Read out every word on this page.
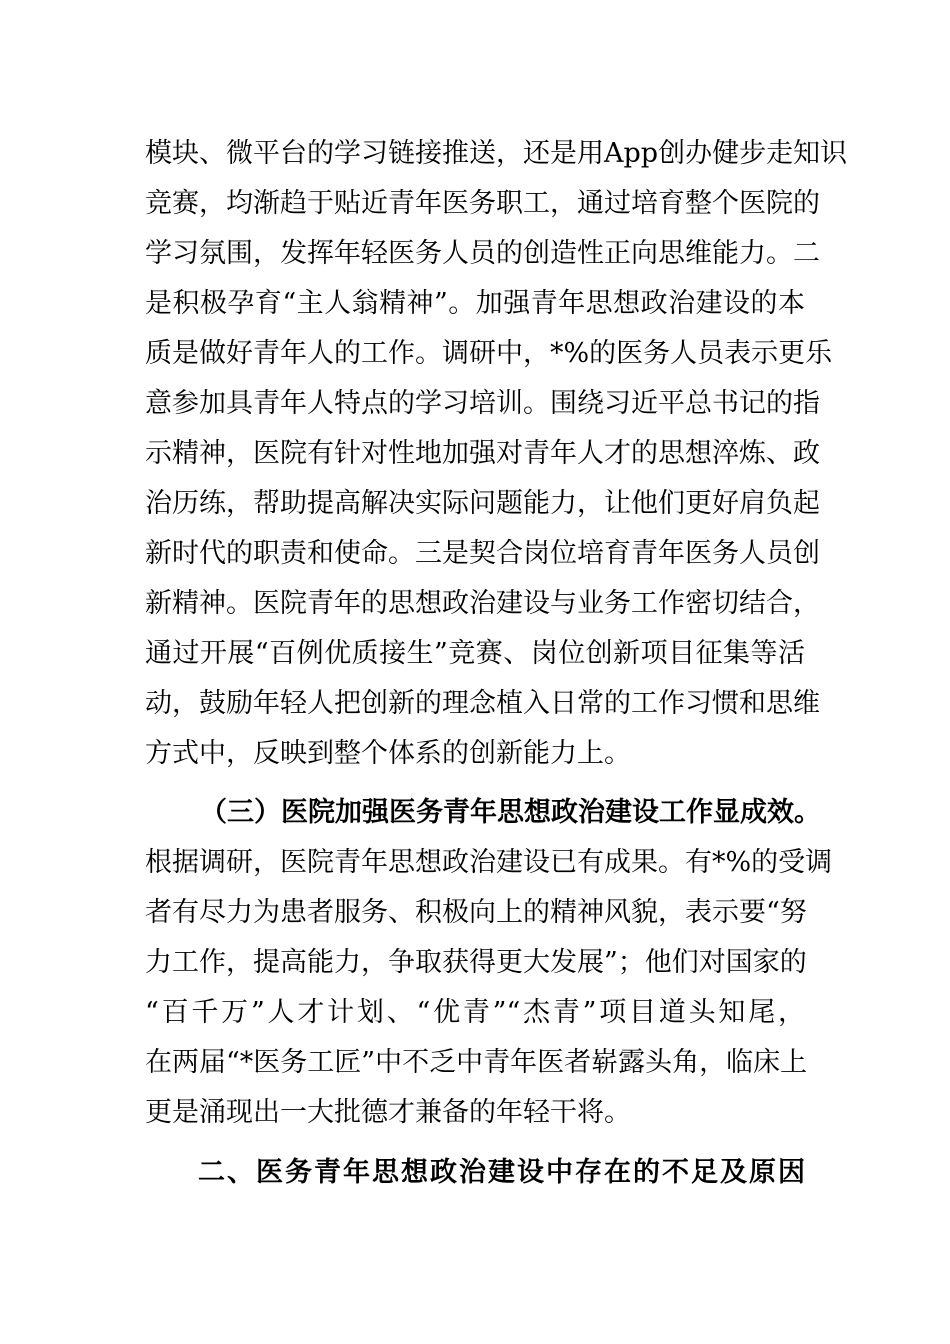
模块、微平台的学习链接推送，还是用App创办健步走知识
竞赛，均渐趋于贴近青年医务职工，通过培育整个医院的
学习氛围，发挥年轻医务人员的创造性正向思维能力。二
是积极孕育“主人翁精神”。加强青年思想政治建设的本
质是做好青年人的工作。调研中，*%的医务人员表示更乐
意参加具青年人特点的学习培训。围绕习近平总书记的指
示精神，医院有针对性地加强对青年人才的思想淬炼、政
治历练，帮助提高解决实际问题能力，让他们更好肩负起
新时代的职责和使命。三是契合岗位培育青年医务人员创
新精神。医院青年的思想政治建设与业务工作密切结合，
通过开展“百例优质接生”竞赛、岗位创新项目征集等活
动，鼓励年轻人把创新的理念植入日常的工作习惯和思维
方式中，反映到整个体系的创新能力上。
（三）医院加强医务青年思想政治建设工作显成效。
根据调研，医院青年思想政治建设已有成果。有*%的受调
者有尽力为患者服务、积极向上的精神风貌，表示要“努
力工作，提高能力，争取获得更大发展”；他们对国家的
“百千万”人才计划、“优青”“杰青”项目道头知尾，
在两届“*医务工匠”中不乏中青年医者崭露头角，临床上
更是涌现出一大批德才兼备的年轻干将。
二、医务青年思想政治建设中存在的不足及原因
